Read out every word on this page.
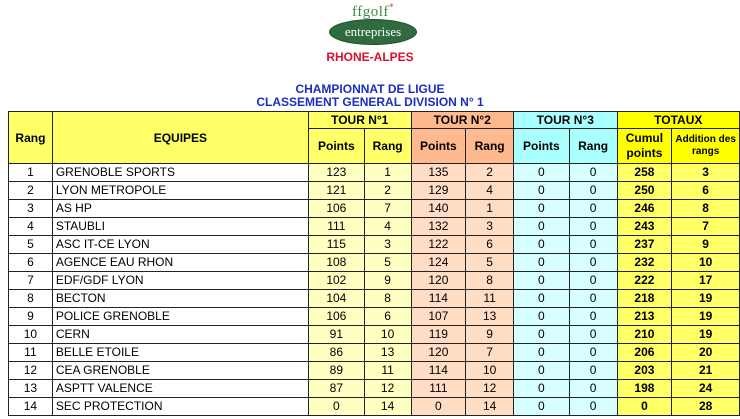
ffgolf*
entreprises
RHONE-ALPES
CHAMPIONNAT DE LIGUE
CLASSEMENT GENERAL DIVISION N° 1
Rang	EQUIPES	TOUR N°1		TOUR N°2		TOUR N°3		TOTAUX	
		Points	Rang	Points	Rang	Points	Rang	Cumul points	Addition des rangs
1	GRENOBLE SPORTS	123	1	135	2	0	0	258	3
2	LYON METROPOLE	121	2	129	4	0	0	250	6
3	AS HP	106	7	140	1	0	0	246	8
4	STAUBLI	111	4	132	3	0	0	243	7
5	ASC IT-CE LYON	115	3	122	6	0	0	237	9
6	AGENCE EAU RHON	108	5	124	5	0	0	232	10
7	EDF/GDF LYON	102	9	120	8	0	0	222	17
8	BECTON	104	8	114	11	0	0	218	19
9	POLICE GRENOBLE	106	6	107	13	0	0	213	19
10	CERN	91	10	119	9	0	0	210	19
11	BELLE ETOILE	86	13	120	7	0	0	206	20
12	CEA GRENOBLE	89	11	114	10	0	0	203	21
13	ASPTT VALENCE	87	12	111	12	0	0	198	24
14	SEC PROTECTION	0	14	0	14	0	0	0	28
